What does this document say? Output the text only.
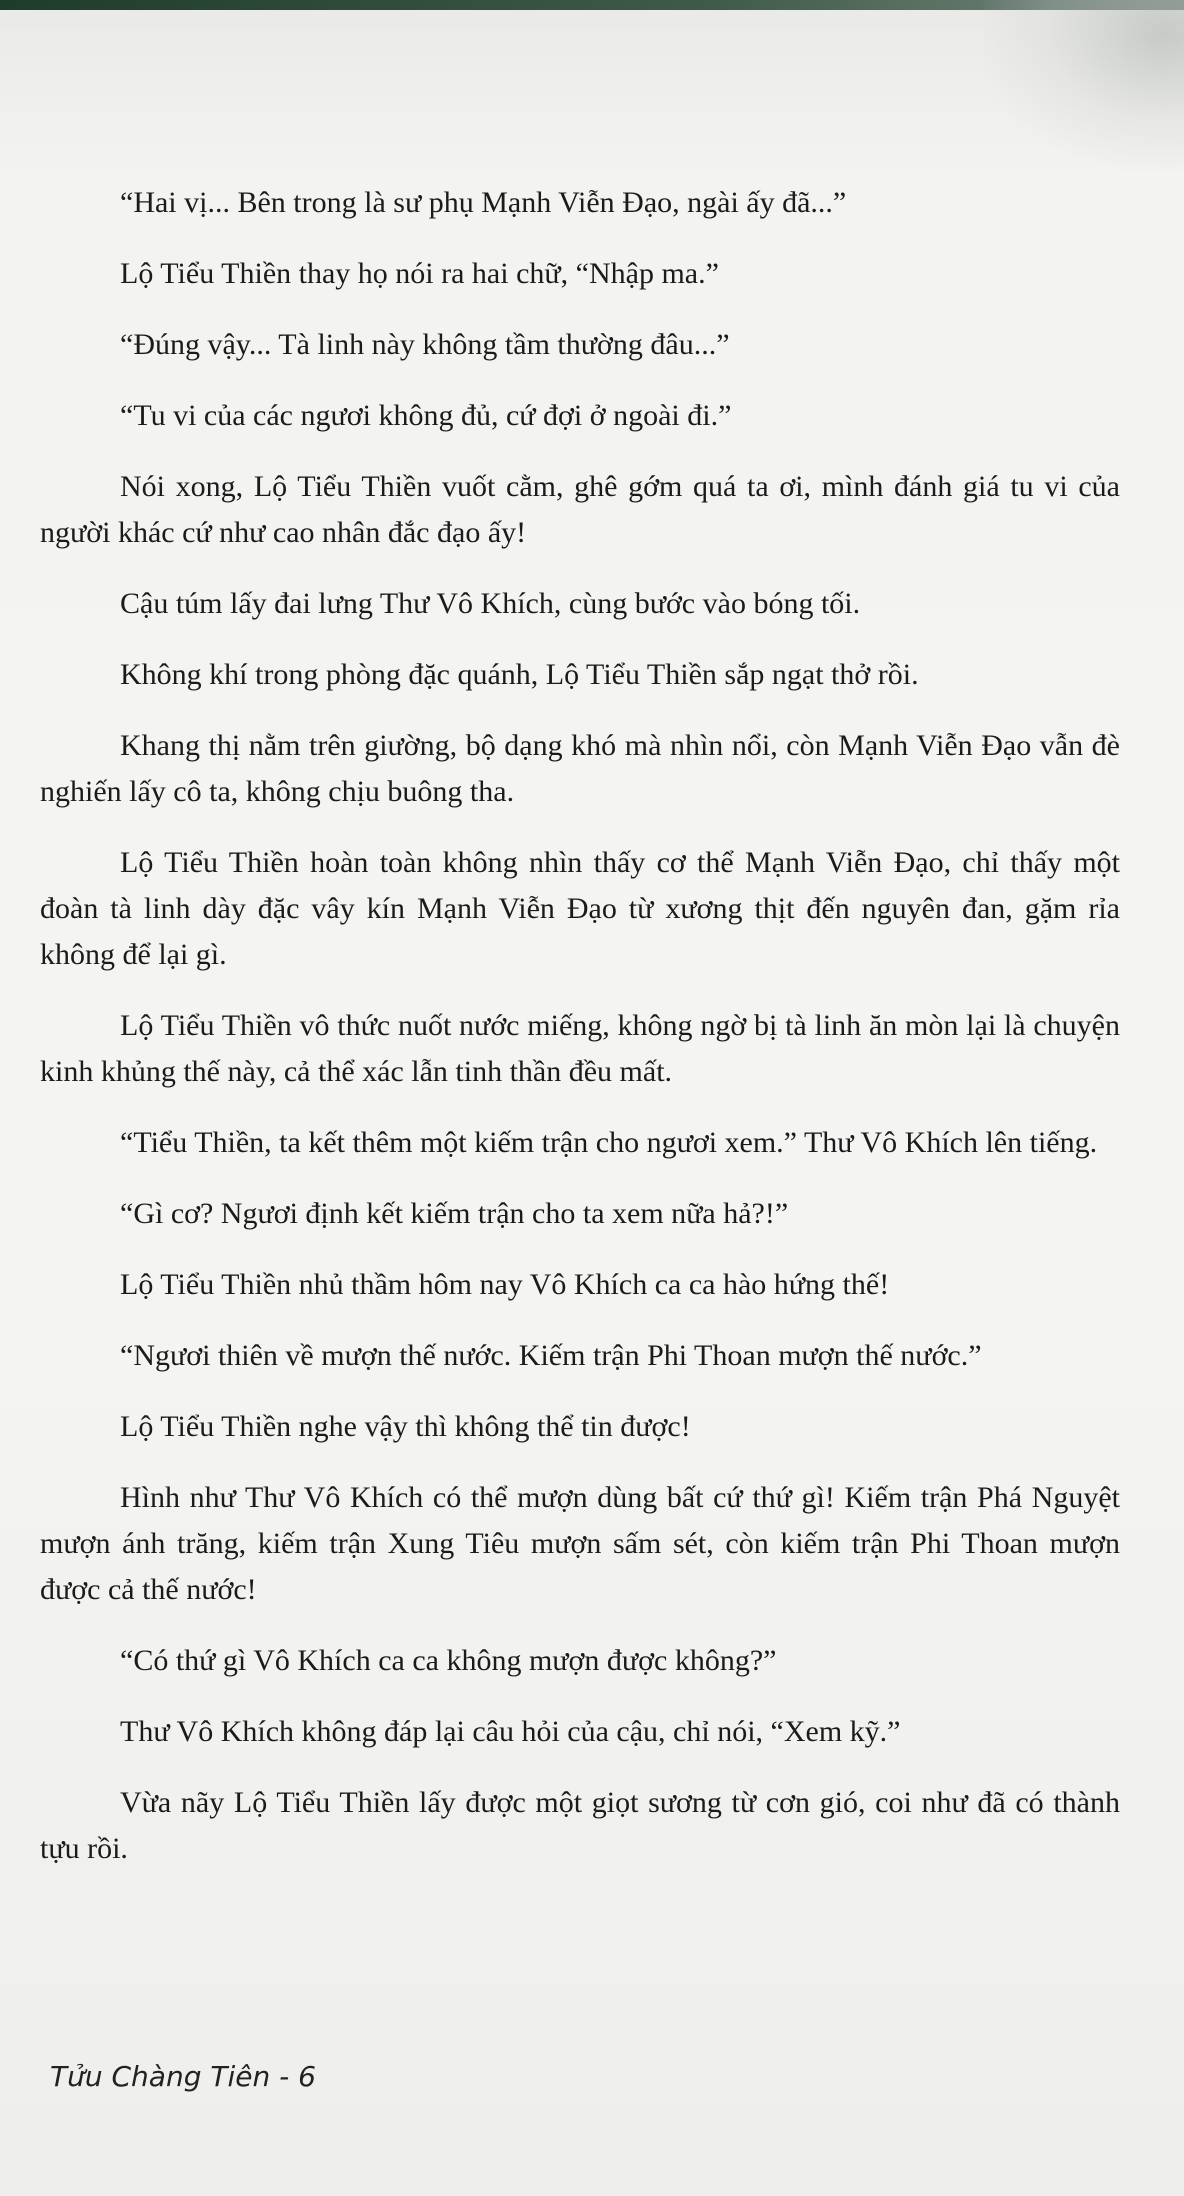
“Hai vị... Bên trong là sư phụ Mạnh Viễn Đạo, ngài ấy đã...”

Lộ Tiểu Thiền thay họ nói ra hai chữ, “Nhập ma.”

“Đúng vậy... Tà linh này không tầm thường đâu...”

“Tu vi của các ngươi không đủ, cứ đợi ở ngoài đi.”

Nói xong, Lộ Tiểu Thiền vuốt cằm, ghê gớm quá ta ơi, mình đánh giá tu vi của người khác cứ như cao nhân đắc đạo ấy!

Cậu túm lấy đai lưng Thư Vô Khích, cùng bước vào bóng tối.

Không khí trong phòng đặc quánh, Lộ Tiểu Thiền sắp ngạt thở rồi.

Khang thị nằm trên giường, bộ dạng khó mà nhìn nổi, còn Mạnh Viễn Đạo vẫn đè nghiến lấy cô ta, không chịu buông tha.

Lộ Tiểu Thiền hoàn toàn không nhìn thấy cơ thể Mạnh Viễn Đạo, chỉ thấy một đoàn tà linh dày đặc vây kín Mạnh Viễn Đạo từ xương thịt đến nguyên đan, gặm rỉa không để lại gì.

Lộ Tiểu Thiền vô thức nuốt nước miếng, không ngờ bị tà linh ăn mòn lại là chuyện kinh khủng thế này, cả thể xác lẫn tinh thần đều mất.

“Tiểu Thiền, ta kết thêm một kiếm trận cho ngươi xem.” Thư Vô Khích lên tiếng.

“Gì cơ? Ngươi định kết kiếm trận cho ta xem nữa hả?!”

Lộ Tiểu Thiền nhủ thầm hôm nay Vô Khích ca ca hào hứng thế!

“Ngươi thiên về mượn thế nước. Kiếm trận Phi Thoan mượn thế nước.”

Lộ Tiểu Thiền nghe vậy thì không thể tin được!

Hình như Thư Vô Khích có thể mượn dùng bất cứ thứ gì! Kiếm trận Phá Nguyệt mượn ánh trăng, kiếm trận Xung Tiêu mượn sấm sét, còn kiếm trận Phi Thoan mượn được cả thế nước!

“Có thứ gì Vô Khích ca ca không mượn được không?”

Thư Vô Khích không đáp lại câu hỏi của cậu, chỉ nói, “Xem kỹ.”

Vừa nãy Lộ Tiểu Thiền lấy được một giọt sương từ cơn gió, coi như đã có thành tựu rồi.

Tửu Chàng Tiên - 6
